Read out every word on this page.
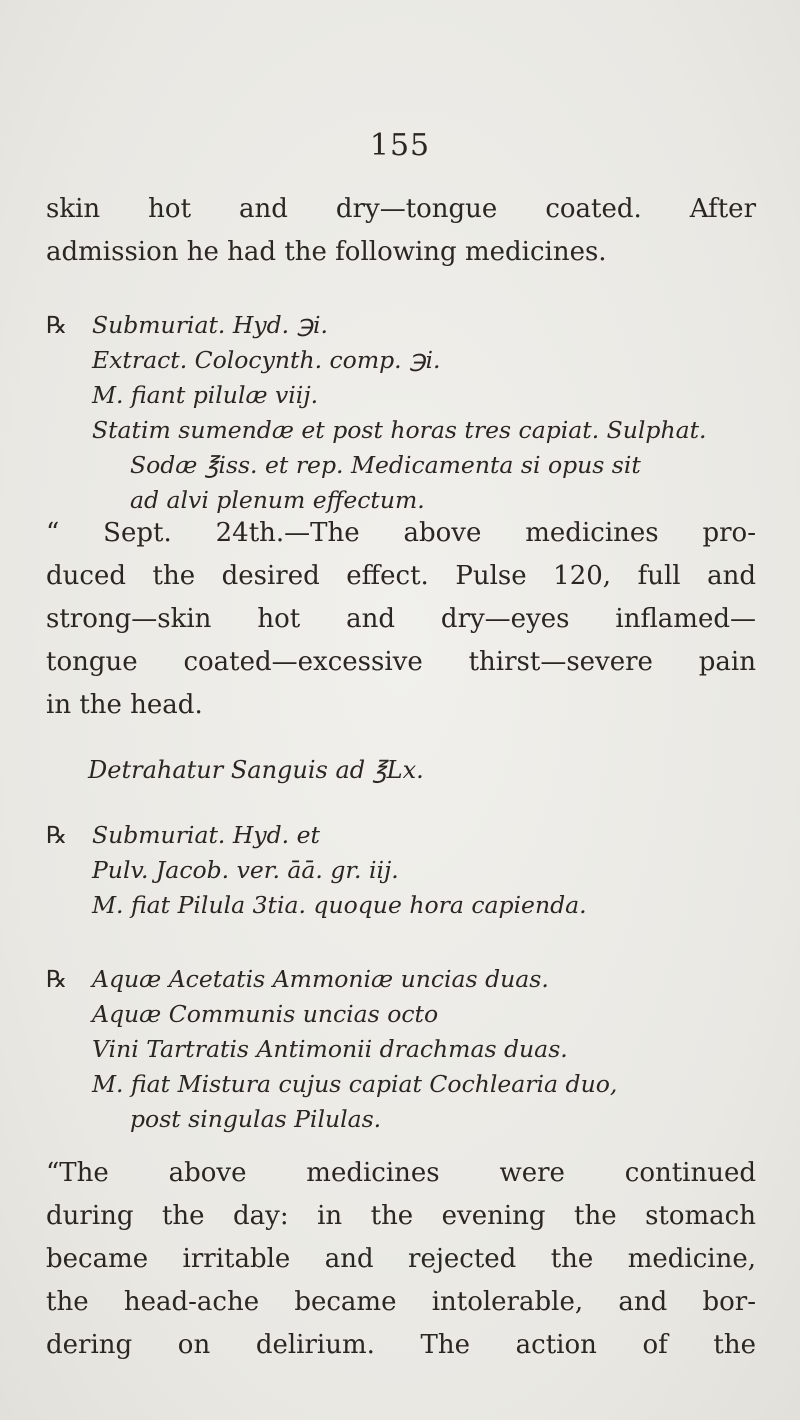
155
skin hot and dry—tongue coated. After
admission he had the following medicines.
℞ Submuriat. Hyd. ℈i.
Extract. Colocynth. comp. ℈i.
M. fiant pilulæ viij.
Statim sumendæ et post horas tres capiat. Sulphat.
Sodæ ℥iss. et rep. Medicamenta si opus sit
ad alvi plenum effectum.
“ Sept. 24th.—The above medicines pro-
duced the desired effect. Pulse 120, full and
strong—skin hot and dry—eyes inflamed—
tongue coated—excessive thirst—severe pain
in the head.
Detrahatur Sanguis ad ℥Lx.
℞ Submuriat. Hyd. et
Pulv. Jacob. ver. āā. gr. iij.
M. fiat Pilula 3tia. quoque hora capienda.
℞ Aquæ Acetatis Ammoniæ uncias duas.
Aquæ Communis uncias octo
Vini Tartratis Antimonii drachmas duas.
M. fiat Mistura cujus capiat Cochlearia duo,
post singulas Pilulas.
“The above medicines were continued
during the day: in the evening the stomach
became irritable and rejected the medicine,
the head-ache became intolerable, and bor-
dering on delirium. The action of the
